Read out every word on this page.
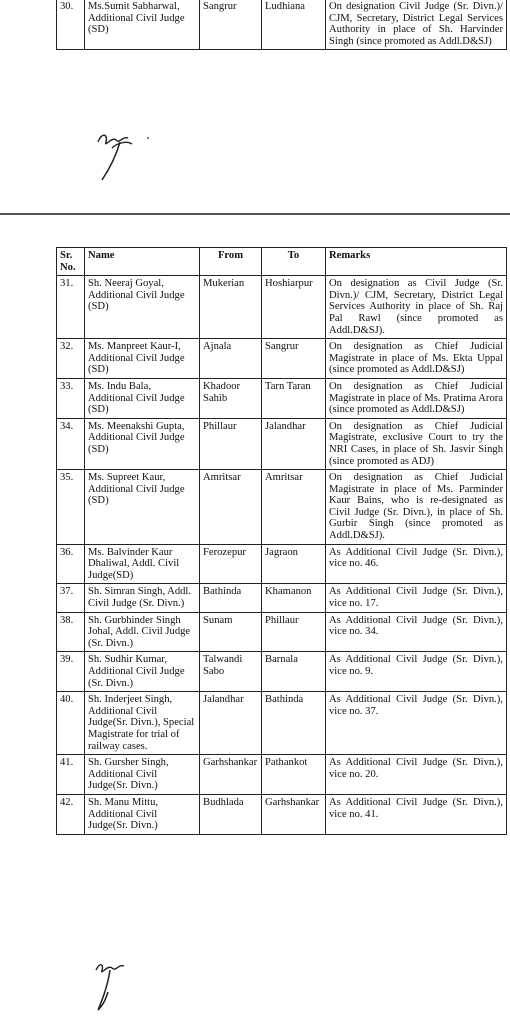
30.	Ms.Sumit Sabharwal, Additional Civil Judge (SD)	Sangrur	Ludhiana	On designation Civil Judge (Sr. Divn.)/ CJM, Secretary, District Legal Services Authority in place of Sh. Harvinder Singh (since promoted as Addl.D&SJ)
Sr. No.	Name	From	To	Remarks
31.	Sh. Neeraj Goyal, Additional Civil Judge (SD)	Mukerian	Hoshiarpur	On designation as Civil Judge (Sr. Divn.)/ CJM, Secretary, District Legal Services Authority in place of Sh. Raj Pal Rawl (since promoted as Addl.D&SJ).
32.	Ms. Manpreet Kaur-I, Additional Civil Judge (SD)	Ajnala	Sangrur	On designation as Chief Judicial Magistrate in place of Ms. Ekta Uppal (since promoted as Addl.D&SJ)
33.	Ms. Indu Bala, Additional Civil Judge (SD)	Khadoor Sahib	Tarn Taran	On designation as Chief Judicial Magistrate in place of Ms. Pratima Arora (since promoted as Addl.D&SJ)
34.	Ms. Meenakshi Gupta, Additional Civil Judge (SD)	Phillaur	Jalandhar	On designation as Chief Judicial Magistrate, exclusive Court to try the NRI Cases, in place of Sh. Jasvir Singh (since promoted as ADJ)
35.	Ms. Supreet Kaur, Additional Civil Judge (SD)	Amritsar	Amritsar	On designation as Chief Judicial Magistrate in place of Ms. Parminder Kaur Bains, who is re-designated as Civil Judge (Sr. Divn.), in place of Sh. Gurbir Singh (since promoted as Addl.D&SJ).
36.	Ms. Balvinder Kaur Dhaliwal, Addl. Civil Judge(SD)	Ferozepur	Jagraon	As Additional Civil Judge (Sr. Divn.), vice no. 46.
37.	Sh. Simran Singh, Addl. Civil Judge (Sr. Divn.)	Bathinda	Khamanon	As Additional Civil Judge (Sr. Divn.), vice no. 17.
38.	Sh. Gurbhinder Singh Johal, Addl. Civil Judge (Sr. Divn.)	Sunam	Phillaur	As Additional Civil Judge (Sr. Divn.), vice no. 34.
39.	Sh. Sudhir Kumar, Additional Civil Judge (Sr. Divn.)	Talwandi Sabo	Barnala	As Additional Civil Judge (Sr. Divn.), vice no. 9.
40.	Sh. Inderjeet Singh, Additional Civil Judge(Sr. Divn.), Special Magistrate for trial of railway cases.	Jalandhar	Bathinda	As Additional Civil Judge (Sr. Divn.), vice no. 37.
41.	Sh. Gursher Singh, Additional Civil Judge(Sr. Divn.)	Garhshankar	Pathankot	As Additional Civil Judge (Sr. Divn.), vice no. 20.
42.	Sh. Manu Mittu, Additional Civil Judge(Sr. Divn.)	Budhlada	Garhshankar	As Additional Civil Judge (Sr. Divn.), vice no. 41.
